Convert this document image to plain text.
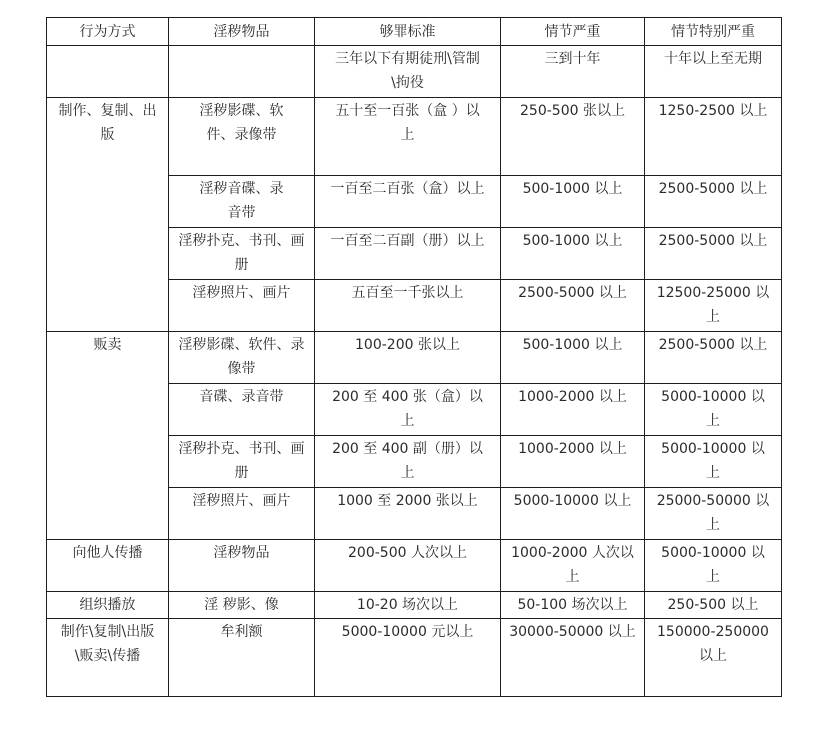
行为方式	淫秽物品	够罪标准	情节严重	情节特别严重
		三年以下有期徒刑\管制\拘役	三到十年	十年以上至无期
制作、复制、出版	淫秽影碟、软件、录像带	五十至一百张（盒 ）以上	250-500 张以上	1250-2500 以上
	淫秽音碟、录音带	一百至二百张（盒）以上	500-1000 以上	2500-5000 以上
	淫秽扑克、书刊、画册	一百至二百副（册）以上	500-1000 以上	2500-5000 以上
	淫秽照片、画片	五百至一千张以上	2500-5000 以上	12500-25000 以上
贩卖	淫秽影碟、软件、录像带	100-200 张以上	500-1000 以上	2500-5000 以上
	音碟、录音带	200 至 400 张（盒）以上	1000-2000 以上	5000-10000 以上
	淫秽扑克、书刊、画册	200 至 400 副（册）以上	1000-2000 以上	5000-10000 以上
	淫秽照片、画片	1000 至 2000 张以上	5000-10000 以上	25000-50000 以上
向他人传播	淫秽物品	200-500 人次以上	1000-2000 人次以上	5000-10000 以上
组织播放	淫 秽影、像	10-20 场次以上	50-100 场次以上	250-500 以上
制作\复制\出版\贩卖\传播	牟利额	5000-10000 元以上	30000-50000 以上	150000-250000 以上
